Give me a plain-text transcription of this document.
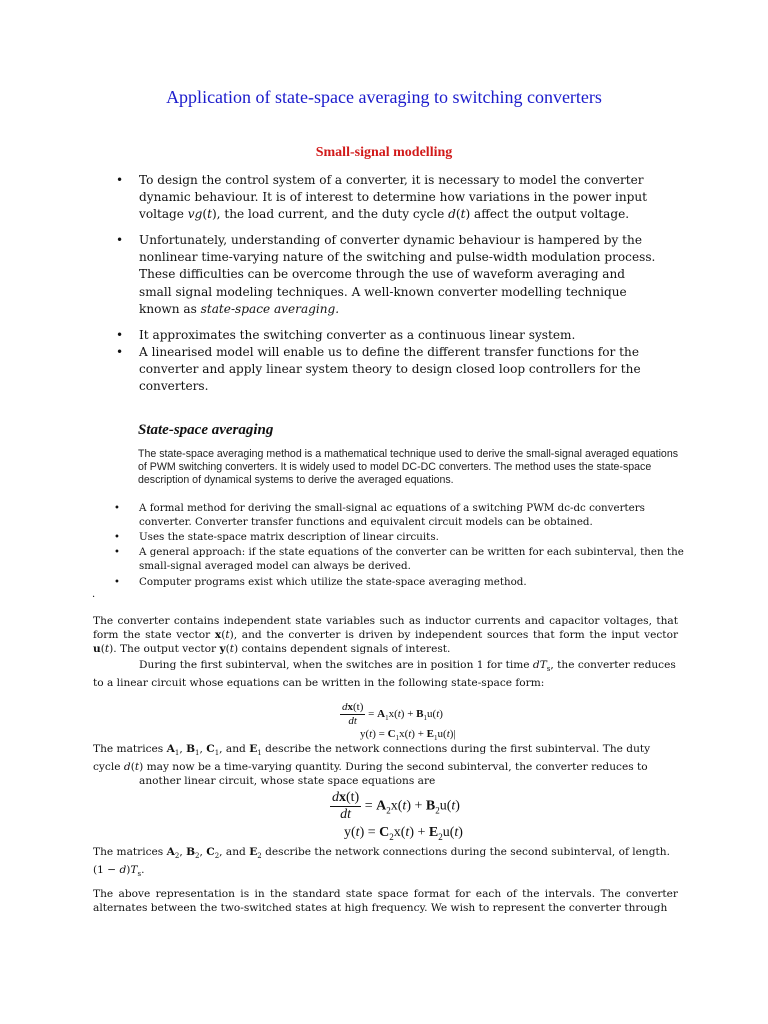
Application of state-space averaging to switching converters
Small-signal modelling
•	To design the control system of a converter, it is necessary to model the converter dynamic behaviour. It is of interest to determine how variations in the power input voltage vg(t), the load current, and the duty cycle d(t) affect the output voltage.
•	Unfortunately, understanding of converter dynamic behaviour is hampered by the nonlinear time-varying nature of the switching and pulse-width modulation process. These difficulties can be overcome through the use of waveform averaging and small signal modeling techniques. A well-known converter modelling technique known as state-space averaging.
•	It approximates the switching converter as a continuous linear system.
•	A linearised model will enable us to define the different transfer functions for the converter and apply linear system theory to design closed loop controllers for the converters.
State-space averaging
The state-space averaging method is a mathematical technique used to derive the small-signal averaged equations of PWM switching converters. It is widely used to model DC-DC converters. The method uses the state-space description of dynamical systems to derive the averaged equations.
• A formal method for deriving the small-signal ac equations of a switching PWM dc-dc converters converter. Converter transfer functions and equivalent circuit models can be obtained.
• Uses the state-space matrix description of linear circuits.
• A general approach: if the state equations of the converter can be written for each subinterval, then the small-signal averaged model can always be derived.
• Computer programs exist which utilize the state-space averaging method.
·
The converter contains independent state variables such as inductor currents and capacitor voltages, that form the state vector x(t), and the converter is driven by independent sources that form the input vector u(t). The output vector y(t) contains dependent signals of interest.
During the first subinterval, when the switches are in position 1 for time $dT_s$, the converter reduces to a linear circuit whose equations can be written in the following state-space form:
$\frac{dx(t)}{dt} = A_1x(t) + B_1u(t)$
$y(t) = C_1x(t) + E_1u(t)|$
The matrices $A_1$, $B_1$, $C_1$, and $E_1$ describe the network connections during the first subinterval. The duty cycle d(t) may now be a time-varying quantity. During the second subinterval, the converter reduces to
another linear circuit, whose state space equations are
$\frac{dx(t)}{dt} = A_2x(t) + B_2u(t)$
$y(t) = C_2x(t) + E_2u(t)$
The matrices $A_2$, $B_2$, $C_2$, and $E_2$ describe the network connections during the second subinterval, of length. $(1 - d)T_s$.
The above representation is in the standard state space format for each of the intervals. The converter alternates between the two-switched states at high frequency. We wish to represent the converter through
